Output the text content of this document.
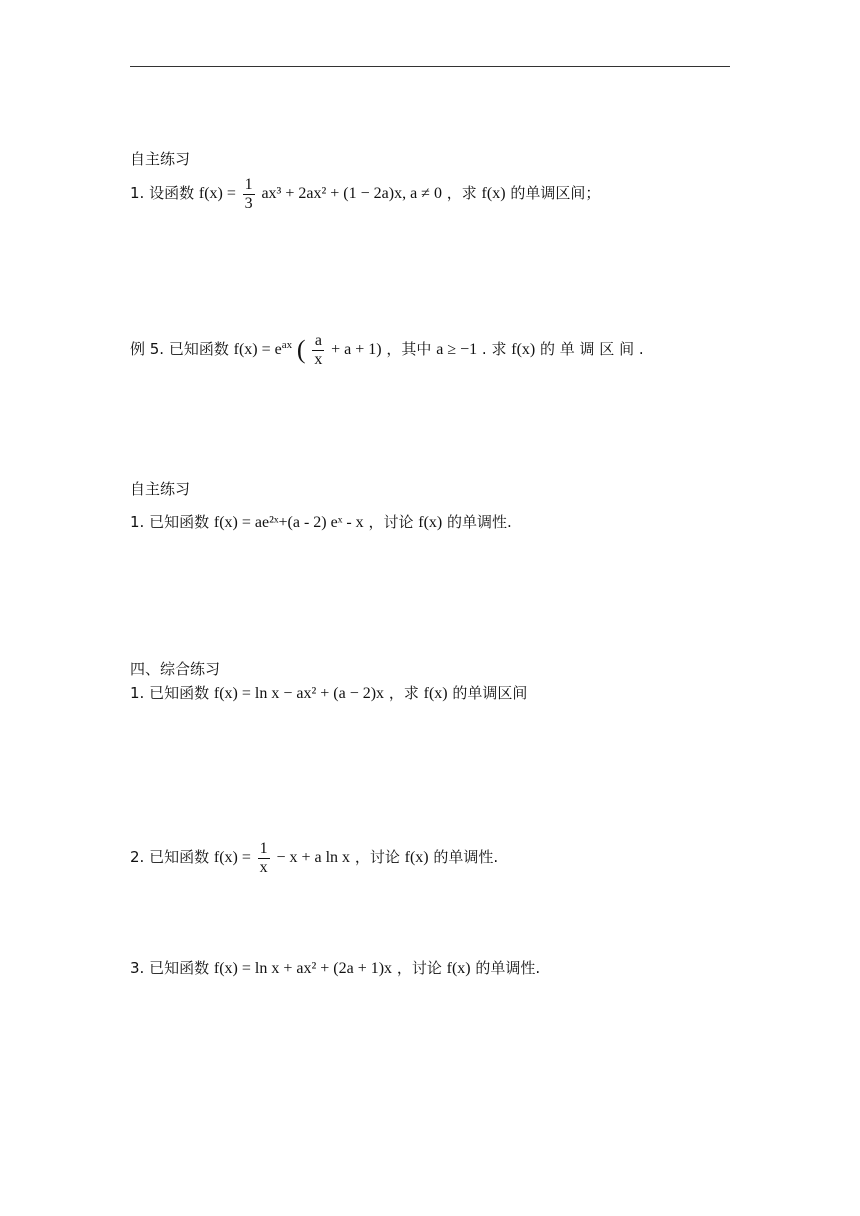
自主练习
1. 设函数 $f(x) = \frac{1}{3} ax^3 + 2ax^2 + (1 - 2a)x$, a ≠ 0 ，求 f(x) 的单调区间；
例 5. 已知函数 $f(x) = e^{ax}$ ( $\frac{a}{x} + a + 1$) ，其中 a ≥ −1 . 求 f(x) 的 单 调 区 间 .
自主练习
1. 已知函数 f(x) = ae²ˣ+(a - 2) eˣ - x ，讨论 f(x) 的单调性.
四、综合练习
1. 已知函数 f(x) = ln x − ax² + (a − 2)x ，求 f(x) 的单调区间
2. 已知函数 $f(x) = \frac{1}{x} - x + a$ ln x ，讨论 f(x) 的单调性.
3. 已知函数 f(x) = ln x + ax² + (2a + 1)x ，讨论 f(x) 的单调性.
